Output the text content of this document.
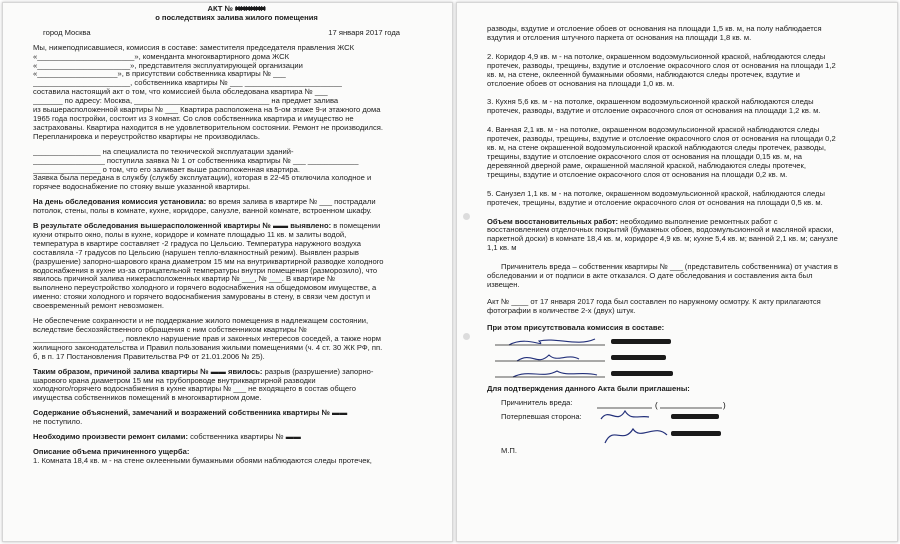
АКТ № XXXXXX
о последствиях залива жилого помещения
город Москва	17 января 2017 года
Мы, нижеподписавшиеся, комиссия в составе: заместителя председателя правления ЖСК
«_______________________», коменданта многоквартирного дома ЖСК
«______________________», представителя эксплуатирующей организации
«___________________», в присутствии собственника квартиры № ___
_______________________, собственника квартиры № ___ _______________________
составила настоящий акт о том, что комиссией была обследована квартира № ___
_______ по адресу: Москва, ________________________________ на предмет залива
из вышерасположенной квартиры № ___ Квартира расположена на 5-ом этаже 9-и этажного дома
1965 года постройки, состоит из 3 комнат. Со слов собственника квартира и имущество не
застрахованы. Квартира находится в не удовлетворительном состоянии. Ремонт не производился.
Перепланировка и переустройство квартиры не производилась.
________________ на специалиста по технической эксплуатации зданий-
_________________ поступила заявка № 1 от собственника квартиры № ___ ____________
________________ о том, что его заливает выше расположенная квартира.
Заявка была передана в службу (службу эксплуатации), которая в 22-45 отключила холодное и
горячее водоснабжение по стояку выше указанной квартиры.
На день обследования комиссия установила: во время залива в квартире № ___ пострадали
потолок, стены, полы в комнате, кухне, коридоре, санузле, ванной комнате, встроенном шкафу.
В результате обследования вышерасположенной квартиры № ▬▬ выявлено: в помещении
кухни открыто окно, полы в кухне, коридоре и комнате площадью 11 кв. м залиты водой,
температура в квартире составляет -2 градуса по Цельсию. Температура наружного воздуха
составляла -7 градусов по Цельсию (нарушен тепло-влажностный режим). Выявлен разрыв
(разрушение) запорно-шарового крана диаметром 15 мм на внутриквартирной разводке холодного
водоснабжения в кухне из-за отрицательной температуры внутри помещения (разморозило), что
явилось причиной залива нижерасположенных квартир № ___, № ___. В квартире №
выполнено переустройство холодного и горячего водоснабжения на общедомовом имуществе, а
именно: стояки холодного и горячего водоснабжения замурованы в стену, в связи чем доступ и
своевременный ремонт невозможен.
Не обеспечение сохранности и не поддержание жилого помещения в надлежащем состоянии,
вследствие бесхозяйственного обращения с ним собственником квартиры №
_____________________, повлекло нарушение прав и законных интересов соседей, а также норм
жилищного законодательства и Правил пользования жилыми помещениями (ч. 4 ст. 30 ЖК РФ, пп.
б, в п. 17 Постановления Правительства РФ от 21.01.2006 № 25).
Таким образом, причиной залива квартиры № ▬▬ явилось: разрыв (разрушение) запорно-
шарового крана диаметром 15 мм на трубопроводе внутриквартирной разводки
холодного/горячего водоснабжения в кухне квартиры № ___ не входящего в состав общего
имущества собственников помещений в многоквартирном доме.
Содержание объяснений, замечаний и возражений собственника квартиры № ▬▬
не поступило.
Необходимо произвести ремонт силами: собственника квартиры № ▬▬
Описание объема причиненного ущерба:
1. Комната 18,4 кв. м - на стене оклеенными бумажными обоями наблюдаются следы протечек,
разводы, вздутие и отслоение обоев от основания на площади 1,5 кв. м, на полу наблюдается
вздутия и отслоения штучного паркета от основания на площади 1,8 кв. м.
2. Коридор 4,9 кв. м - на потолке, окрашенном водоэмульсионной краской, наблюдаются следы
протечек, разводы, трещины, вздутие и отслоение окрасочного слоя от основания на площади 1,2
кв. м, на стене, оклеенной бумажными обоями, наблюдаются следы протечек, вздутие и
отслоение обоев от основания на площади 1,0 кв. м.
3. Кухня 5,6 кв. м - на потолке, окрашенном водоэмульсионной краской наблюдаются следы
протечек, разводы, вздутие и отслоение окрасочного слоя от основания на площади 1,2 кв. м.
4. Ванная 2,1 кв. м - на потолке, окрашенном водоэмульсионной краской наблюдаются следы
протечек, разводы, трещины, вздутие и отслоение окрасочного слоя от основания на площади 0,2
кв. м, на стене окрашенной водоэмульсионной краской наблюдаются следы протечек, разводы,
трещины, вздутие и отслоение окрасочного слоя от основания на площади 0,15 кв. м, на
деревянной дверной раме, окрашенной масляной краской, наблюдаются следы протечек,
трещины, вздутие и отслоение окрасочного слоя от основания на площади 0,2 кв. м.
5. Санузел 1,1 кв. м - на потолке, окрашенном водоэмульсионной краской, наблюдаются следы
протечек, трещины, вздутие и отслоение окрасочного слоя от основания на площади 0,5 кв. м.
Объем восстановительных работ: необходимо выполнение ремонтных работ с
восстановлением отделочных покрытий (бумажных обоев, водоэмульсионной и масляной краски,
паркетной доски) в комнате 18,4 кв. м, коридоре 4,9 кв. м; кухне 5,4 кв. м; ванной 2,1 кв. м; санузле
1,1 кв. м
Причинитель вреда – собственник квартиры № ___ (представитель собственника) от участия в
обследовании и от подписи в акте отказался. О дате обследования и составления акта был
извещен.
Акт № ____ от 17 января 2017 года был составлен по наружному осмотру. К акту прилагаются
фотографии в количестве 2-х (двух) штук.
При этом присутствовала комиссия в составе:
Для подтверждения данного Акта были приглашены:
Причинитель вреда:	(	)
Потерпевшая сторона:
М.П.
